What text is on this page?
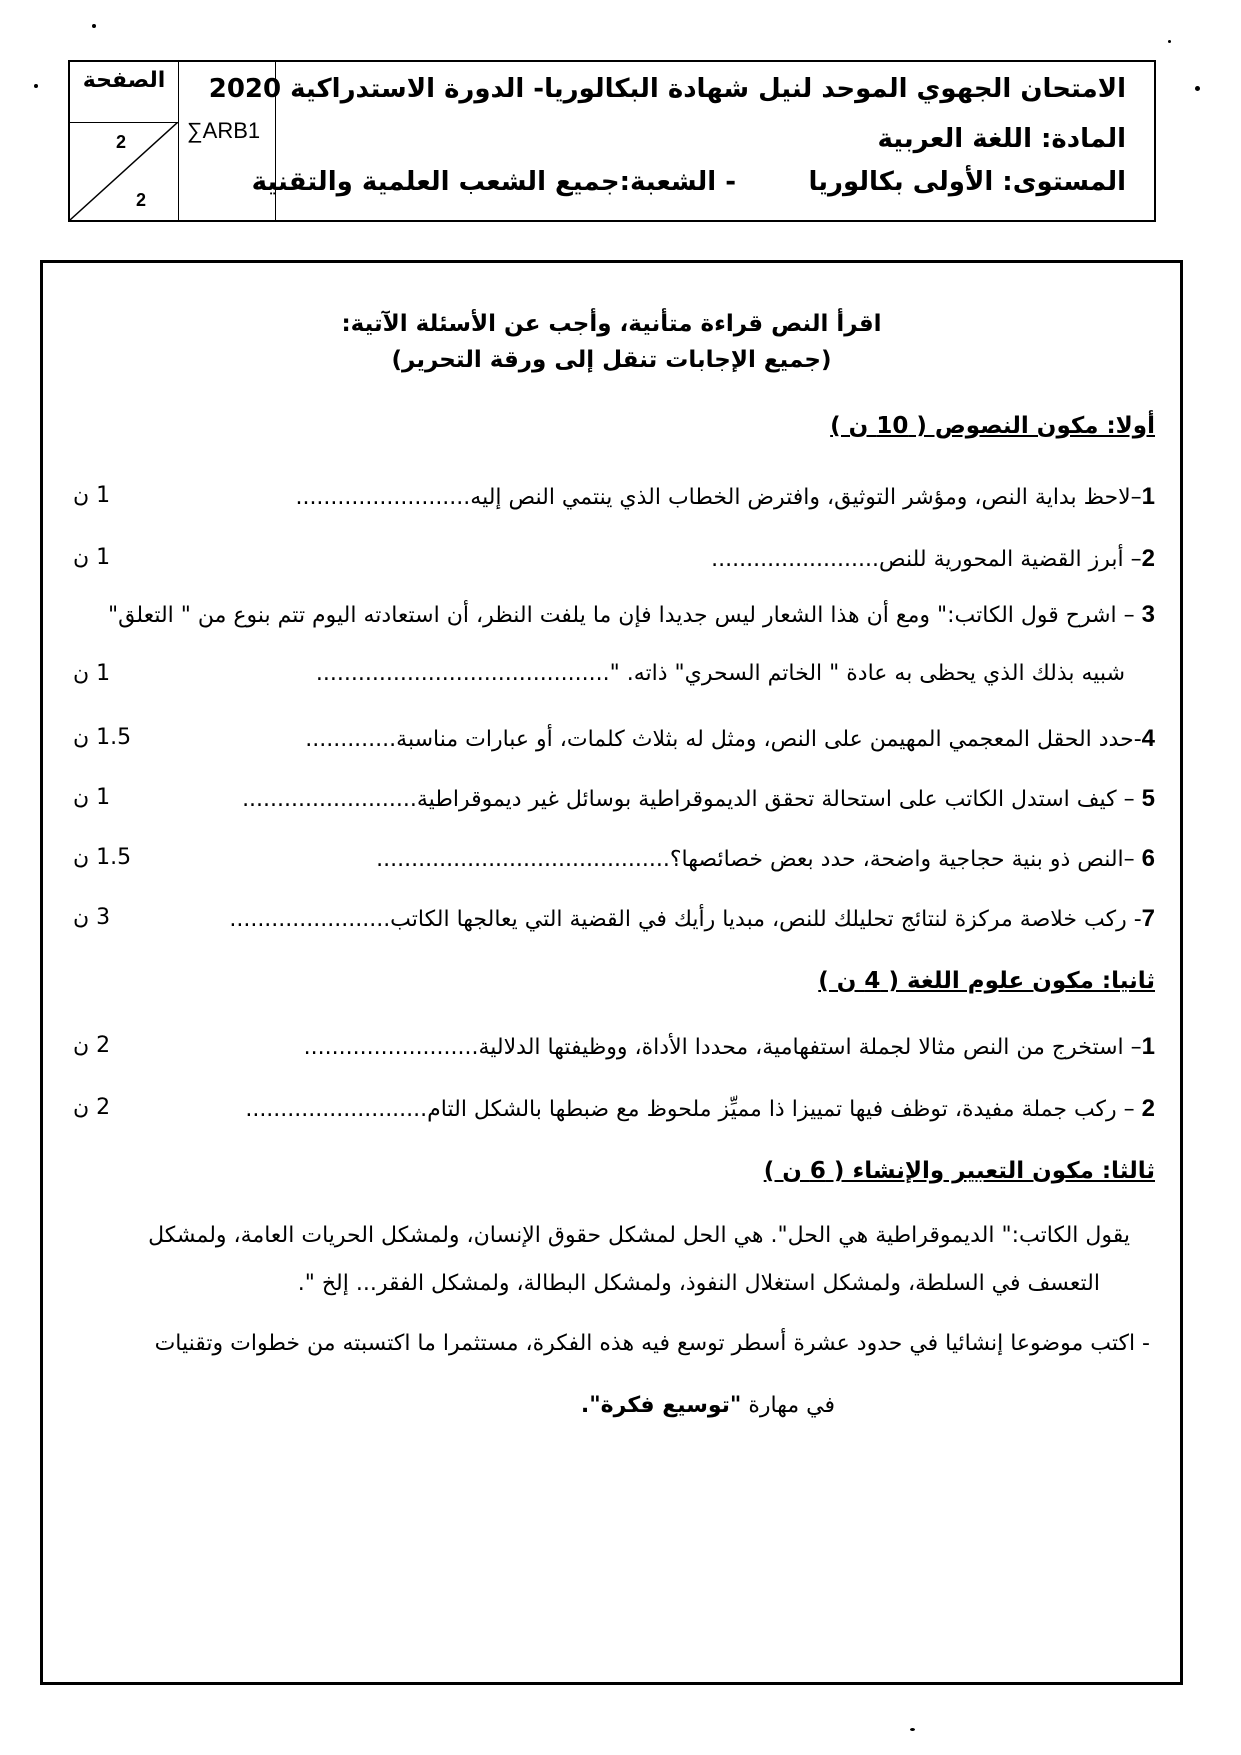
الامتحان الجهوي الموحد لنيل شهادة البكالوريا- الدورة الاستدراكية 2020
المادة: اللغة العربية
المستوى: الأولى بكالوريا
- الشعبة:جميع الشعب العلمية والتقنية
∑ARB1
الصفحة
2
2
اقرأ النص قراءة متأنية، وأجب عن الأسئلة الآتية:
(جميع الإجابات تنقل إلى ورقة التحرير)
أولا: مكون النصوص ( 10 ن )
1–لاحظ بداية النص، ومؤشر التوثيق، وافترض الخطاب الذي ينتمي النص إليه.........................
1 ن
2– أبرز القضية المحورية للنص........................
1 ن
3 – اشرح قول الكاتب:" ومع أن هذا الشعار ليس جديدا فإن ما يلفت النظر، أن استعادته اليوم تتم بنوع من " التعلق"
شبيه بذلك الذي يحظى به عادة " الخاتم السحري" ذاته. "..........................................
1 ن
4-حدد الحقل المعجمي المهيمن على النص، ومثل له بثلاث كلمات، أو عبارات مناسبة.............
1.5 ن
5 – كيف استدل الكاتب على استحالة تحقق الديموقراطية بوسائل غير ديموقراطية.........................
1 ن
6 –النص ذو بنية حجاجية واضحة، حدد بعض خصائصها؟..........................................
1.5 ن
7- ركب خلاصة مركزة لنتائج تحليلك للنص، مبديا رأيك في القضية التي يعالجها الكاتب.......................
3 ن
ثانيا: مكون علوم اللغة ( 4 ن )
1– استخرج من النص مثالا لجملة استفهامية، محددا الأداة، ووظيفتها الدلالية.........................
2 ن
2 – ركب جملة مفيدة، توظف فيها تمييزا ذا مميِّز ملحوظ مع ضبطها بالشكل التام..........................
2 ن
ثالثا: مكون التعبير والإنشاء ( 6 ن )
يقول الكاتب:" الديموقراطية هي الحل". هي الحل لمشكل حقوق الإنسان، ولمشكل الحريات العامة، ولمشكل
التعسف في السلطة، ولمشكل استغلال النفوذ، ولمشكل البطالة، ولمشكل الفقر... إلخ ".
- اكتب موضوعا إنشائيا في حدود عشرة أسطر توسع فيه هذه الفكرة، مستثمرا ما اكتسبته من خطوات وتقنيات
في مهارة "توسيع فكرة".
